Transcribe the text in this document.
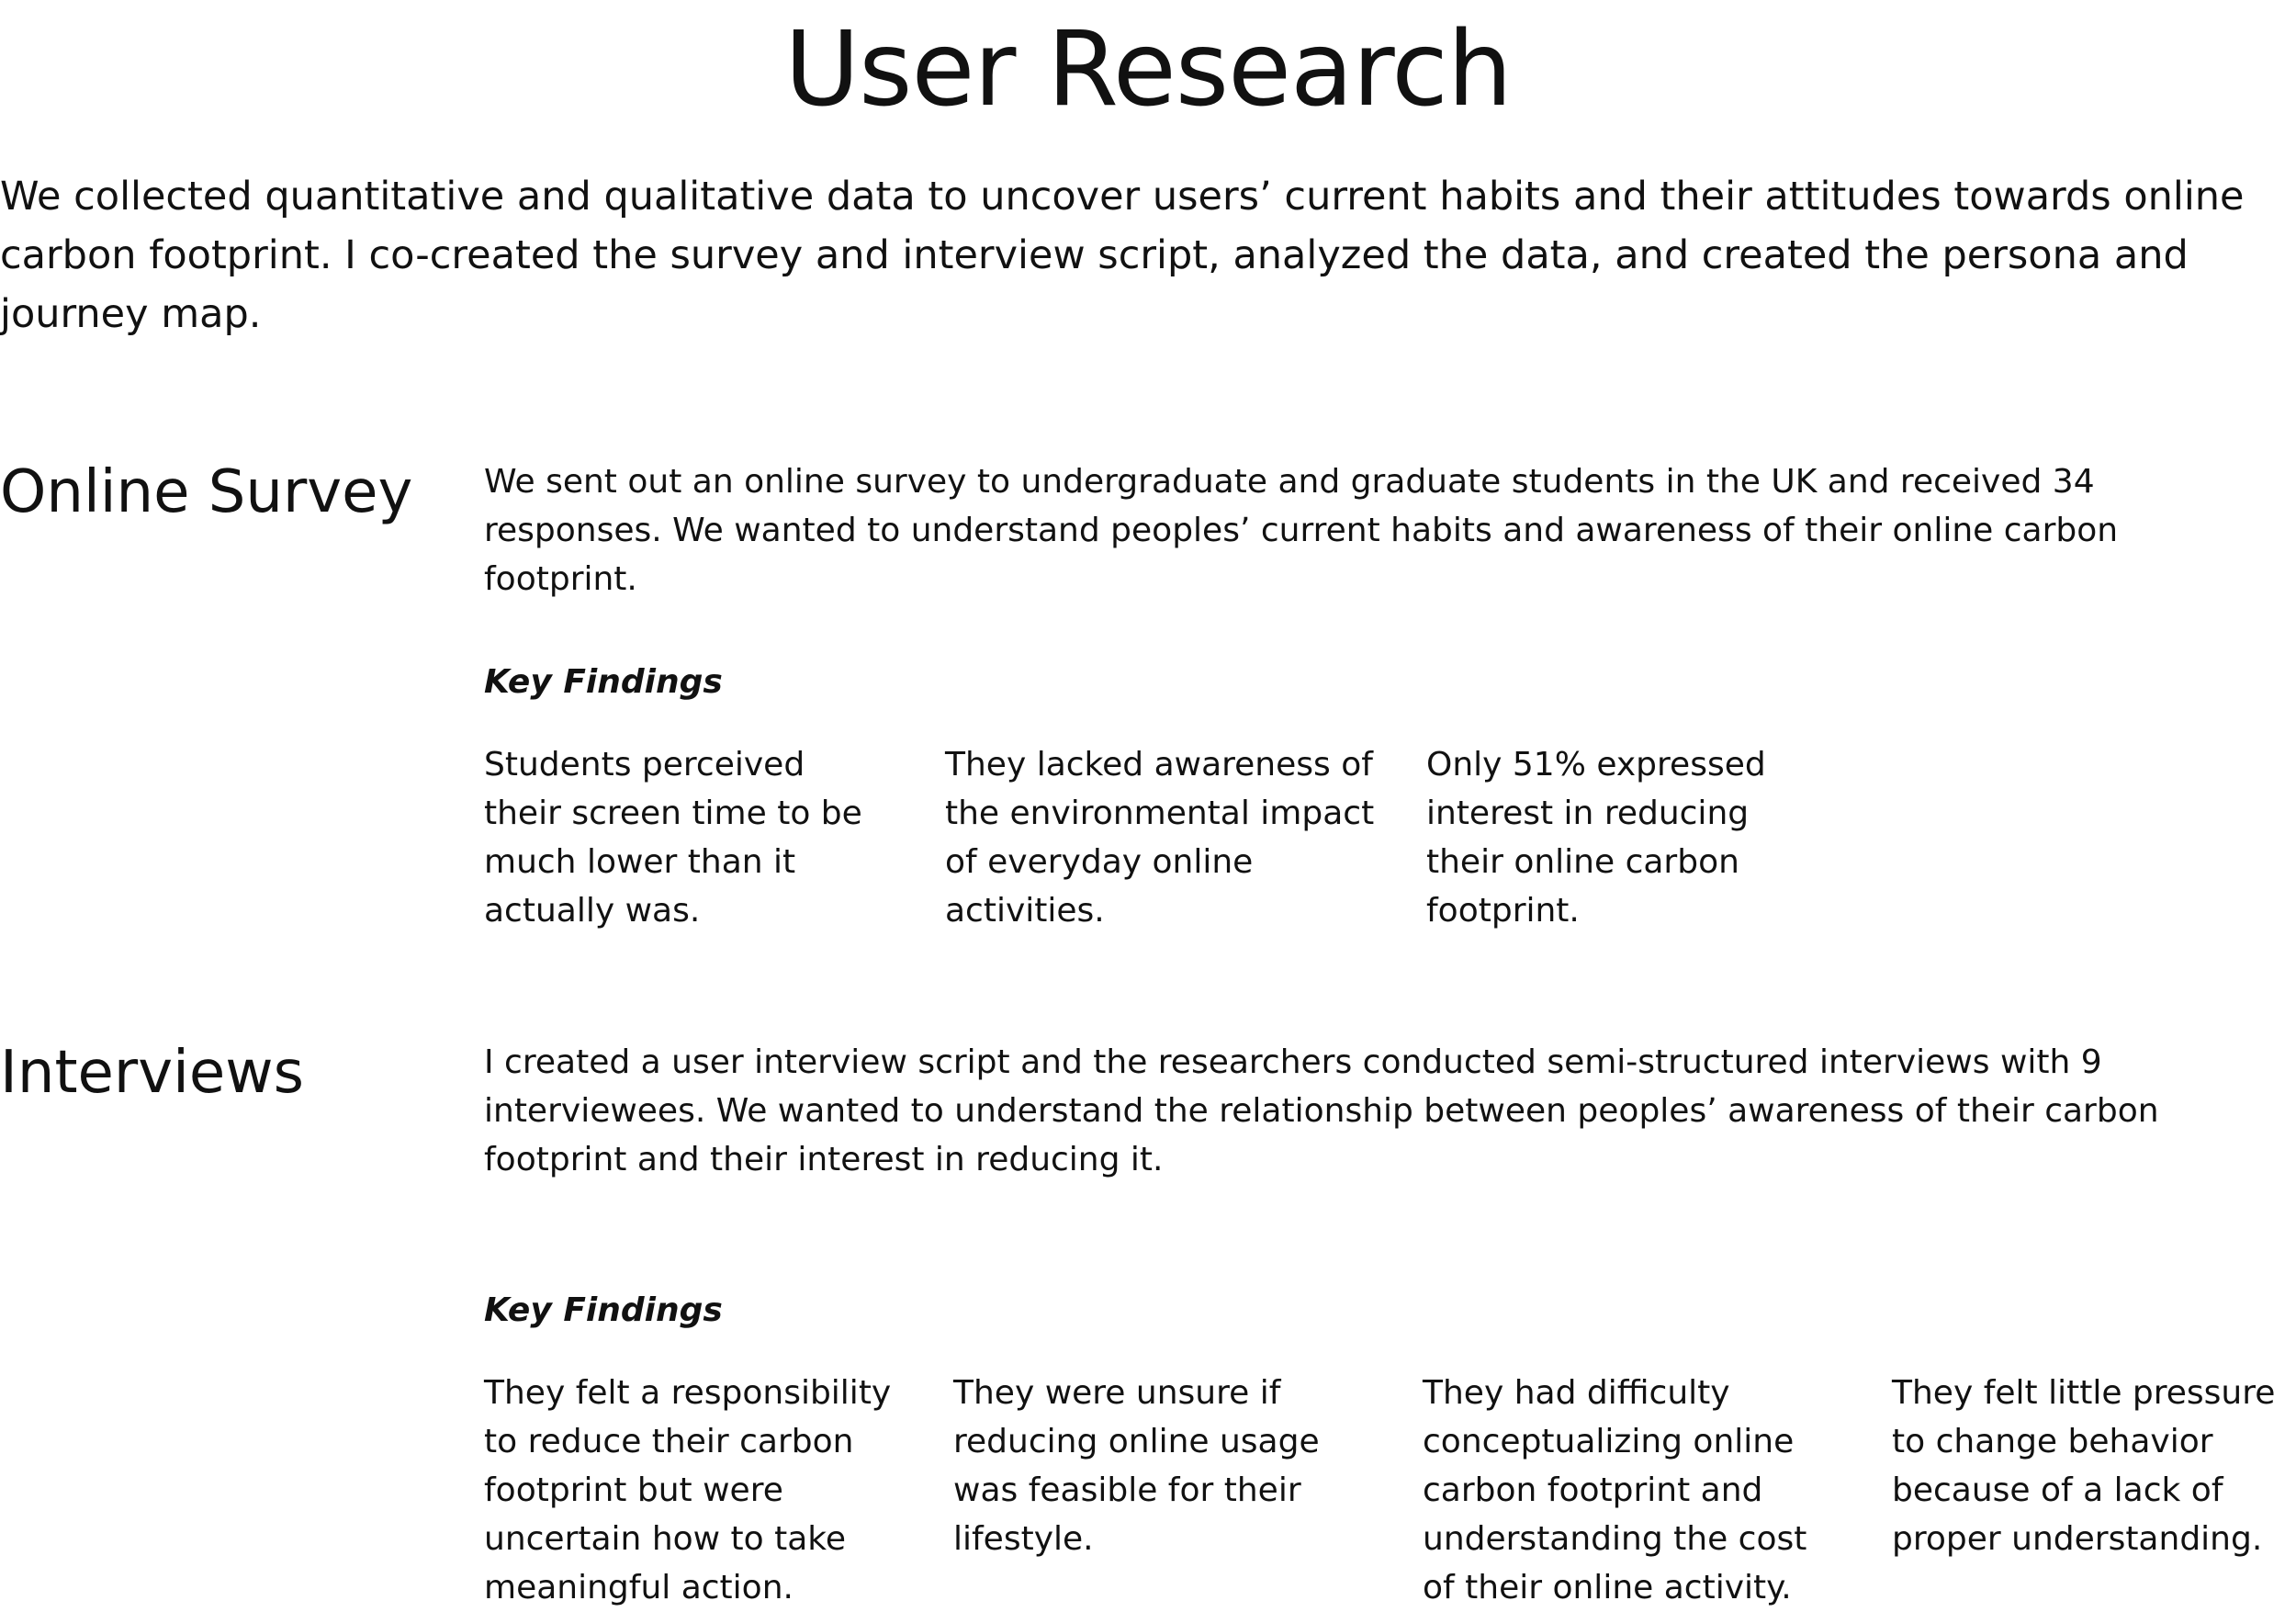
User Research

We collected quantitative and qualitative data to uncover users’ current habits and their attitudes towards online carbon footprint. I co-created the survey and interview script, analyzed the data, and created the persona and journey map.

Online Survey We sent out an online survey to undergraduate and graduate students in the UK and received 34 responses. We wanted to understand peoples’ current habits and awareness of their online carbon footprint.

Key Findings

Students perceived their screen time to be much lower than it actually was.

They lacked awareness of the environmental impact of everyday online activities.

Only 51% expressed interest in reducing their online carbon footprint.

Interviews	I created a user interview script and the researchers conducted semi-structured interviews with 9 interviewees. We wanted to understand the relationship between peoples’ awareness of their carbon footprint and their interest in reducing it.

Key Findings

They felt a responsibility to reduce their carbon footprint but were uncertain how to take meaningful action.

They were unsure if reducing online usage was feasible for their lifestyle.

They had difficulty conceptualizing online carbon footprint and understanding the cost of their online activity.

They felt little pressure to change behavior because of a lack of proper understanding.
